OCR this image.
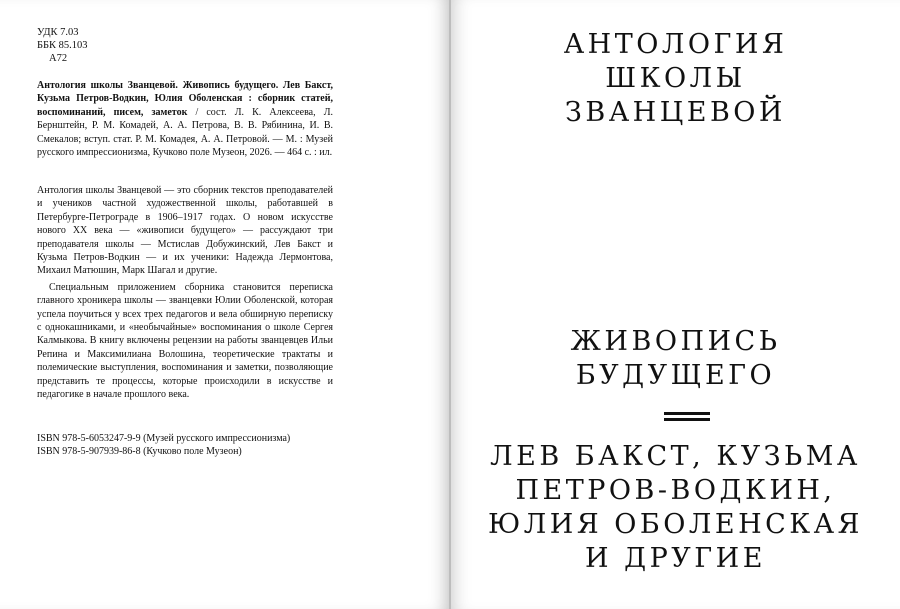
УДК 7.03
ББК 85.103
А72
Антология школы Званцевой. Живопись будущего. Лев Бакст, Кузьма Петров-Водкин, Юлия Оболенская : сборник статей, воспоминаний, писем, заметок / сост. Л. К. Алексеева, Л. Бернштейн, Р. М. Комадей, А. А. Петрова, В. В. Рябинина, И. В. Смекалов; вступ. стат. Р. М. Комадея, А. А. Петровой. — М. : Музей русского импрессионизма, Кучково поле Музеон, 2026. — 464 с. : ил.

Антология школы Званцевой — это сборник текстов преподавателей и учеников частной художественной школы, работавшей в Петербурге-Петрограде в 1906–1917 годах. О новом искусстве нового XX века — «живописи будущего» — рассуждают три преподавателя школы — Мстислав Добужинский, Лев Бакст и Кузьма Петров-Водкин — и их ученики: Надежда Лермонтова, Михаил Матюшин, Марк Шагал и другие.

Специальным приложением сборника становится переписка главного хроникера школы — званцевки Юлии Оболенской, которая успела поучиться у всех трех педагогов и вела обширную переписку с однокашниками, и «необычайные» воспоминания о школе Сергея Калмыкова. В книгу включены рецензии на работы званцевцев Ильи Репина и Максимилиана Волошина, теоретические трактаты и полемические выступления, воспоминания и заметки, позволяющие представить те процессы, которые происходили в искусстве и педагогике в начале прошлого века.

ISBN 978-5-6053247-9-9 (Музей русского импрессионизма)
ISBN 978-5-907939-86-8 (Кучково поле Музеон)
АНТОЛОГИЯ
ШКОЛЫ
ЗВАНЦЕВОЙ
ЖИВОПИСЬ
БУДУЩЕГО
ЛЕВ БАКСТ, КУЗЬМА
ПЕТРОВ-ВОДКИН,
ЮЛИЯ ОБОЛЕНСКАЯ
И ДРУГИЕ
